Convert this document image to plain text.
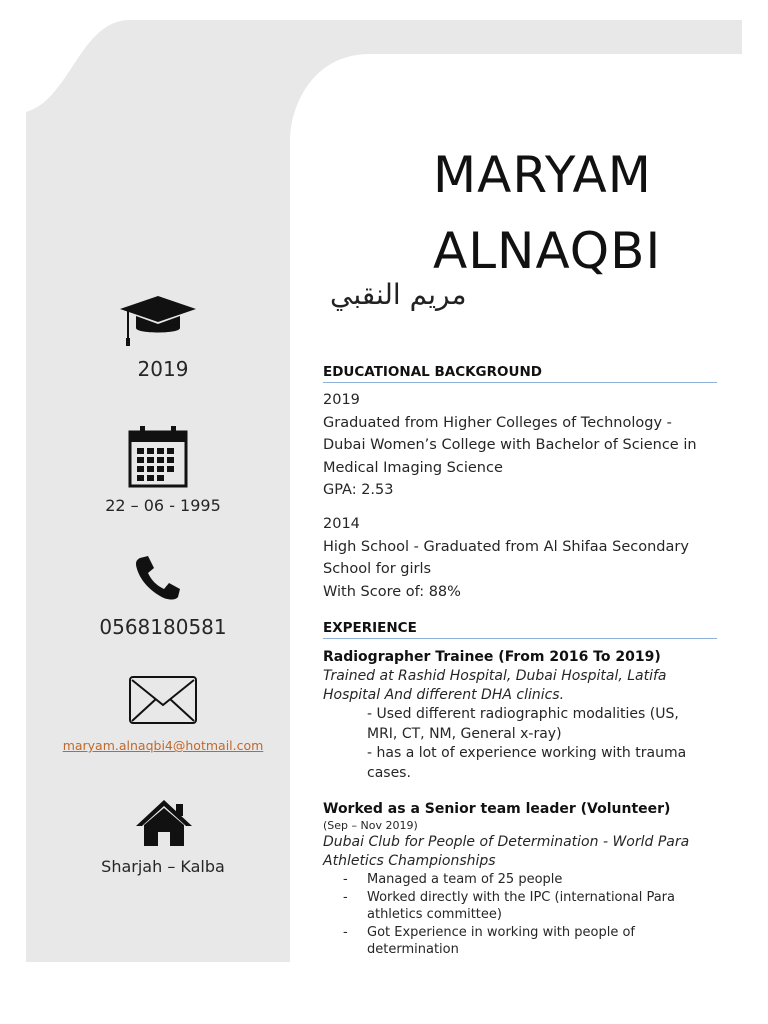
MARYAM
ALNAQBI
مريم النقبي
2019
22 – 06 - 1995
0568180581
maryam.alnaqbi4@hotmail.com
Sharjah – Kalba
EDUCATIONAL BACKGROUND

2019

Graduated from Higher Colleges of Technology -

Dubai Women’s College with Bachelor of Science in

Medical Imaging Science

GPA: 2.53

2014

High School - Graduated from Al Shifaa Secondary

School for girls

With Score of: 88%

EXPERIENCE

Radiographer Trainee (From 2016 To 2019)

Trained at Rashid Hospital, Dubai Hospital, Latifa

Hospital And different DHA clinics.

- Used different radiographic modalities (US,

MRI, CT, NM, General x-ray)

- has a lot of experience working with trauma

cases.

Worked as a Senior team leader (Volunteer)

(Sep – Nov 2019)

Dubai Club for People of Determination - World Para

Athletics Championships

- Managed a team of 25 people
- Worked directly with the IPC (international Para athletics committee)
- Got Experience in working with people of determination
